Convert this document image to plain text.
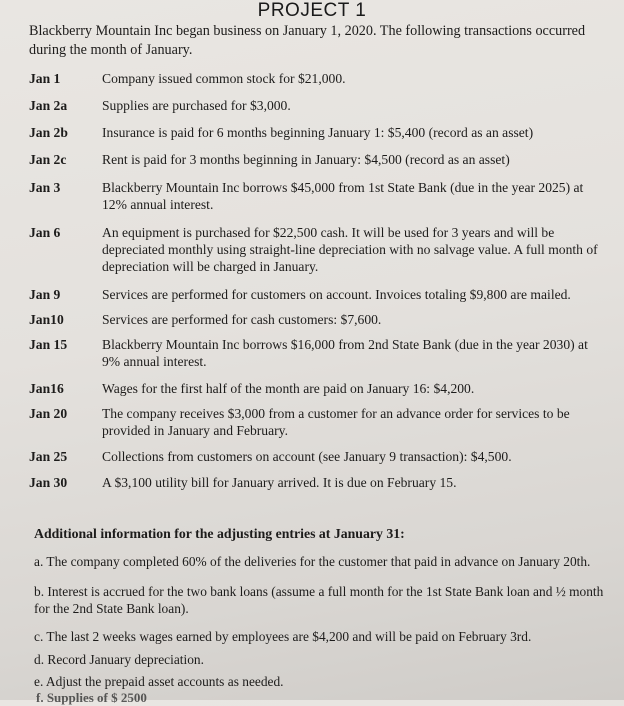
PROJECT 1

Blackberry Mountain Inc began business on January 1, 2020. The following transactions occurred during the month of January.

Jan 1	Company issued common stock for $21,000.
Jan 2a	Supplies are purchased for $3,000.
Jan 2b	Insurance is paid for 6 months beginning January 1: $5,400 (record as an asset)
Jan 2c	Rent is paid for 3 months beginning in January: $4,500 (record as an asset)
Jan 3	Blackberry Mountain Inc borrows $45,000 from 1st State Bank (due in the year 2025) at 12% annual interest.
Jan 6	An equipment is purchased for $22,500 cash. It will be used for 3 years and will be depreciated monthly using straight-line depreciation with no salvage value. A full month of depreciation will be charged in January.
Jan 9	Services are performed for customers on account. Invoices totaling $9,800 are mailed.
Jan10	Services are performed for cash customers: $7,600.
Jan 15	Blackberry Mountain Inc borrows $16,000 from 2nd State Bank (due in the year 2030) at 9% annual interest.
Jan16	Wages for the first half of the month are paid on January 16: $4,200.
Jan 20	The company receives $3,000 from a customer for an advance order for services to be provided in January and February.
Jan 25	Collections from customers on account (see January 9 transaction): $4,500.
Jan 30	A $3,100 utility bill for January arrived. It is due on February 15.
Additional information for the adjusting entries at January 31:
a. The company completed 60% of the deliveries for the customer that paid in advance on January 20th.
b. Interest is accrued for the two bank loans (assume a full month for the 1st State Bank loan and ½ month for the 2nd State Bank loan).
c. The last 2 weeks wages earned by employees are $4,200 and will be paid on February 3rd.
d. Record January depreciation.
e. Adjust the prepaid asset accounts as needed.
f. Supplies of $ 2500
